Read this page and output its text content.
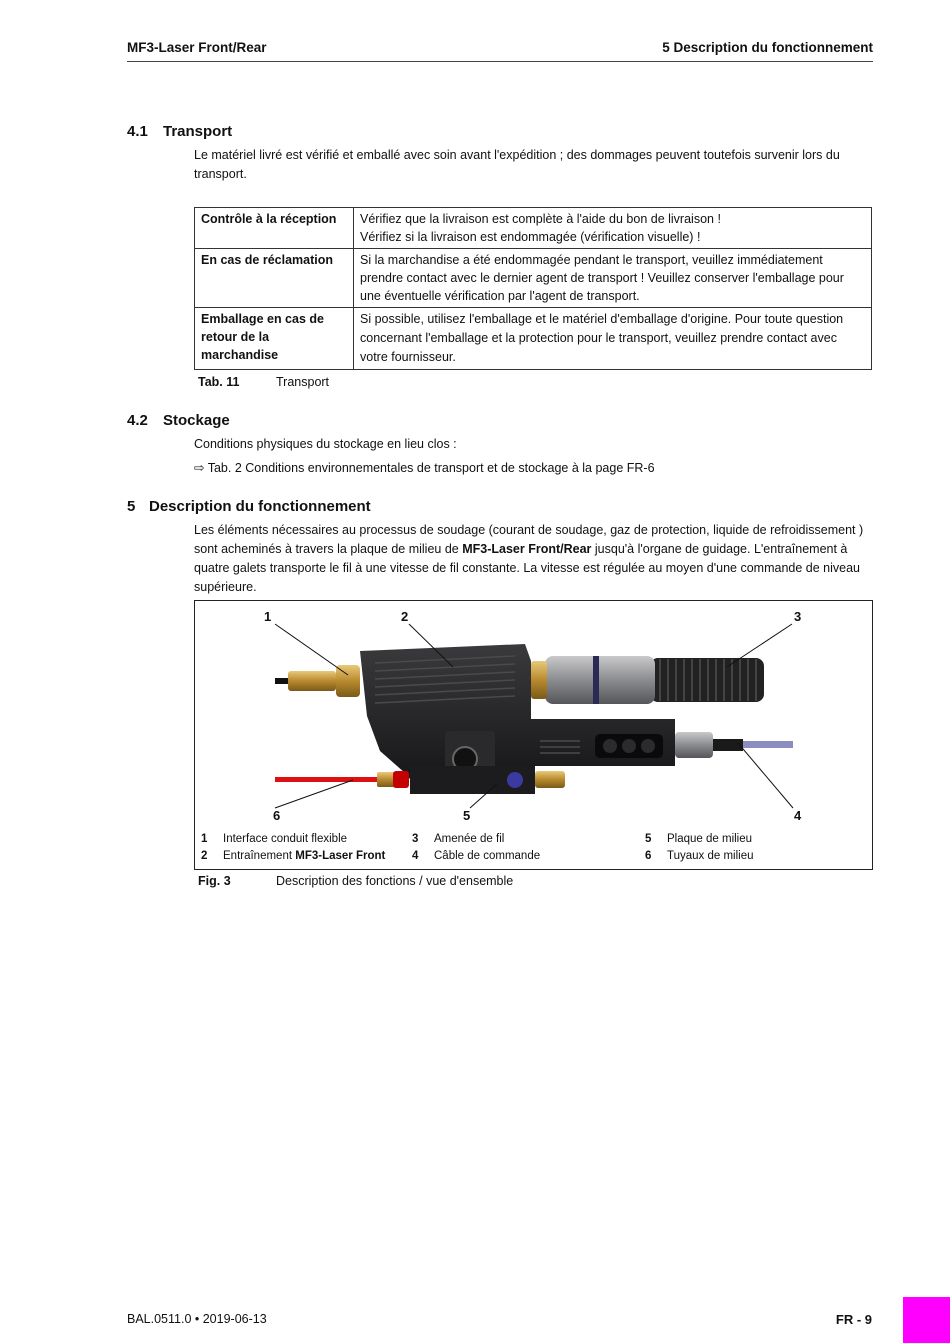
MF3-Laser Front/Rear	5 Description du fonctionnement
4.1 Transport
Le matériel livré est vérifié et emballé avec soin avant l'expédition ; des dommages peuvent toutefois survenir lors du transport.
Contrôle à la réception	Vérifiez que la livraison est complète à l'aide du bon de livraison !
Vérifiez si la livraison est endommagée (vérification visuelle) !

En cas de réclamation	Si la marchandise a été endommagée pendant le transport, veuillez immédiatement prendre contact avec le dernier agent de transport ! Veuillez conserver l'emballage pour une éventuelle vérification par l'agent de transport.
Emballage en cas de retour de la marchandise	Si possible, utilisez l'emballage et le matériel d'emballage d'origine. Pour toute question concernant l'emballage et la protection pour le transport, veuillez prendre contact avec votre fournisseur.
Tab. 11	Transport
4.2 Stockage
Conditions physiques du stockage en lieu clos :
⇨ Tab. 2 Conditions environnementales de transport et de stockage à la page FR-6
5 Description du fonctionnement
Les éléments nécessaires au processus de soudage (courant de soudage, gaz de protection, liquide de refroidissement ) sont acheminés à travers la plaque de milieu de MF3-Laser Front/Rear jusqu'à l'organe de guidage. L'entraînement à quatre galets transporte le fil à une vitesse de fil constante. La vitesse est régulée au moyen d'une commande de niveau supérieure.
1	2	3
4
5
6
1 Interface conduit flexible
2 Entraînement MF3-Laser Front
3 Amenée de fil
4 Câble de commande
5 Plaque de milieu
6 Tuyaux de milieu
Fig. 3	Description des fonctions / vue d'ensemble
BAL.0511.0 • 2019-06-13	FR - 9
